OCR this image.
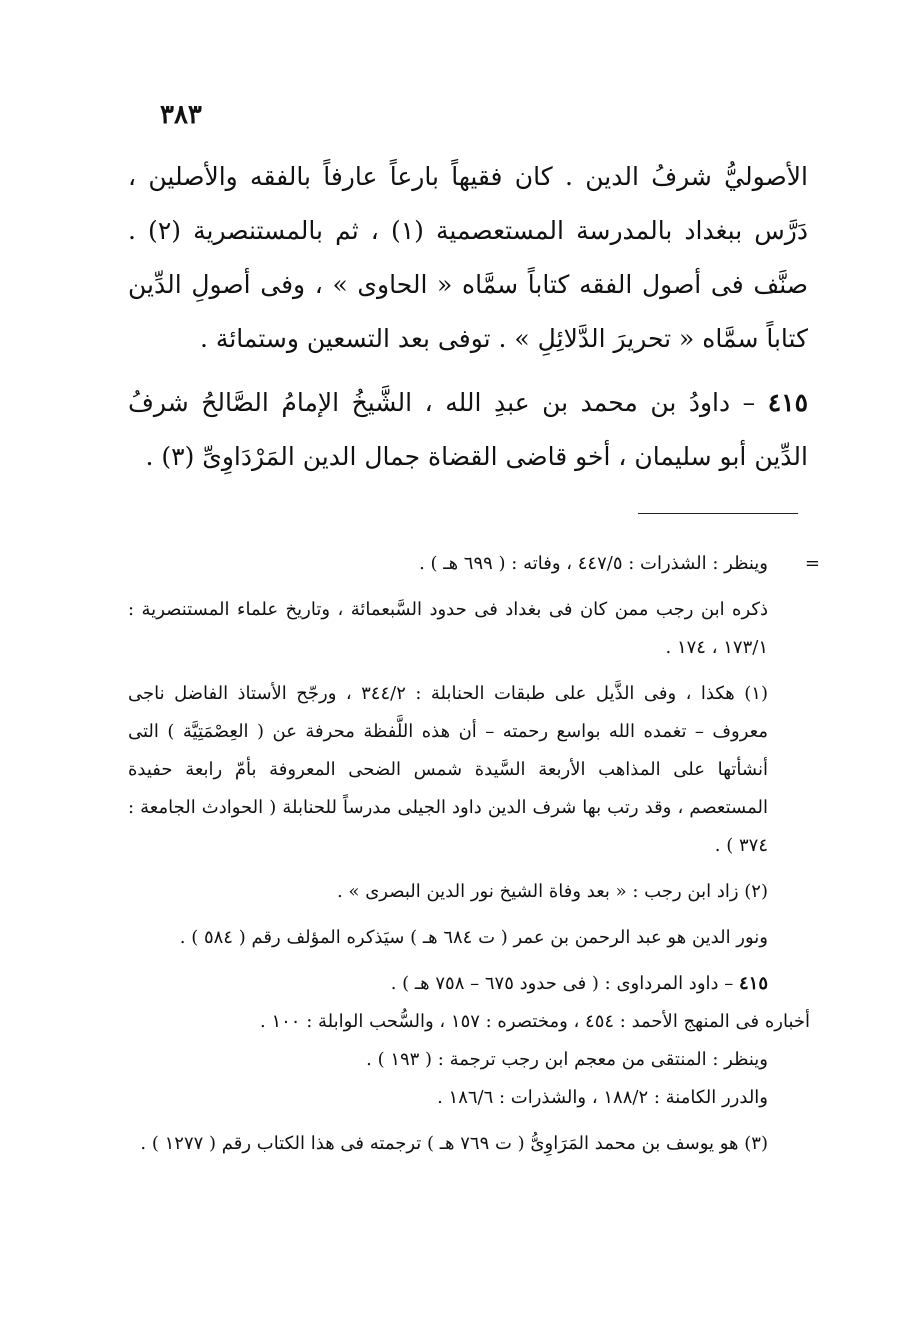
٣٨٣

الأصوليُّ شرفُ الدين . كان فقيهاً بارعاً عارفاً بالفقه والأصلين ، دَرَّس ببغداد بالمدرسة المستعصمية (١) ، ثم بالمستنصرية (٢) . صنَّف فى أصول الفقه كتاباً سمَّاه « الحاوى » ، وفى أصولِ الدِّين كتاباً سمَّاه « تحريرَ الدَّلائِلِ » . توفى بعد التسعين وستمائة .

٤١٥ – داودُ بن محمد بن عبدِ الله ، الشَّيخُ الإمامُ الصَّالحُ شرفُ الدِّين أبو سليمان ، أخو قاضى القضاة جمال الدين المَرْدَاوِىِّ (٣) .

=
وينظر : الشذرات : ٤٤٧/٥ ، وفاته : ( ٦٩٩ هـ ) .

ذكره ابن رجب ممن كان فى بغداد فى حدود السَّبعمائة ، وتاريخ علماء المستنصرية : ١٧٣/١ ، ١٧٤ .

(١) هكذا ، وفى الذَّيل على طبقات الحنابلة : ٣٤٤/٢ ، ورجّح الأستاذ الفاضل ناجى معروف – تغمده الله بواسع رحمته – أن هذه اللَّفظة محرفة عن ( العِصْمَتِيَّة ) التى أنشأتها على المذاهب الأربعة السَّيدة شمس الضحى المعروفة بأمّ رابعة حفيدة المستعصم ، وقد رتب بها شرف الدين داود الجيلى مدرساً للحنابلة ( الحوادث الجامعة : ٣٧٤ ) .

(٢) زاد ابن رجب : « بعد وفاة الشيخ نور الدين البصرى » .

ونور الدين هو عبد الرحمن بن عمر ( ت ٦٨٤ هـ ) سيَذكره المؤلف رقم ( ٥٨٤ ) .

٤١٥ – داود المرداوى : ( فى حدود ٦٧٥ – ٧٥٨ هـ ) .

أخباره فى المنهج الأحمد : ٤٥٤ ، ومختصره : ١٥٧ ، والسُّحب الوابلة : ١٠٠ .

وينظر : المنتقى من معجم ابن رجب ترجمة : ( ١٩٣ ) .

والدرر الكامنة : ١٨٨/٢ ، والشذرات : ١٨٦/٦ .

(٣) هو يوسف بن محمد المَرَاوِىُّ ( ت ٧٦٩ هـ ) ترجمته فى هذا الكتاب رقم ( ١٢٧٧ ) .
